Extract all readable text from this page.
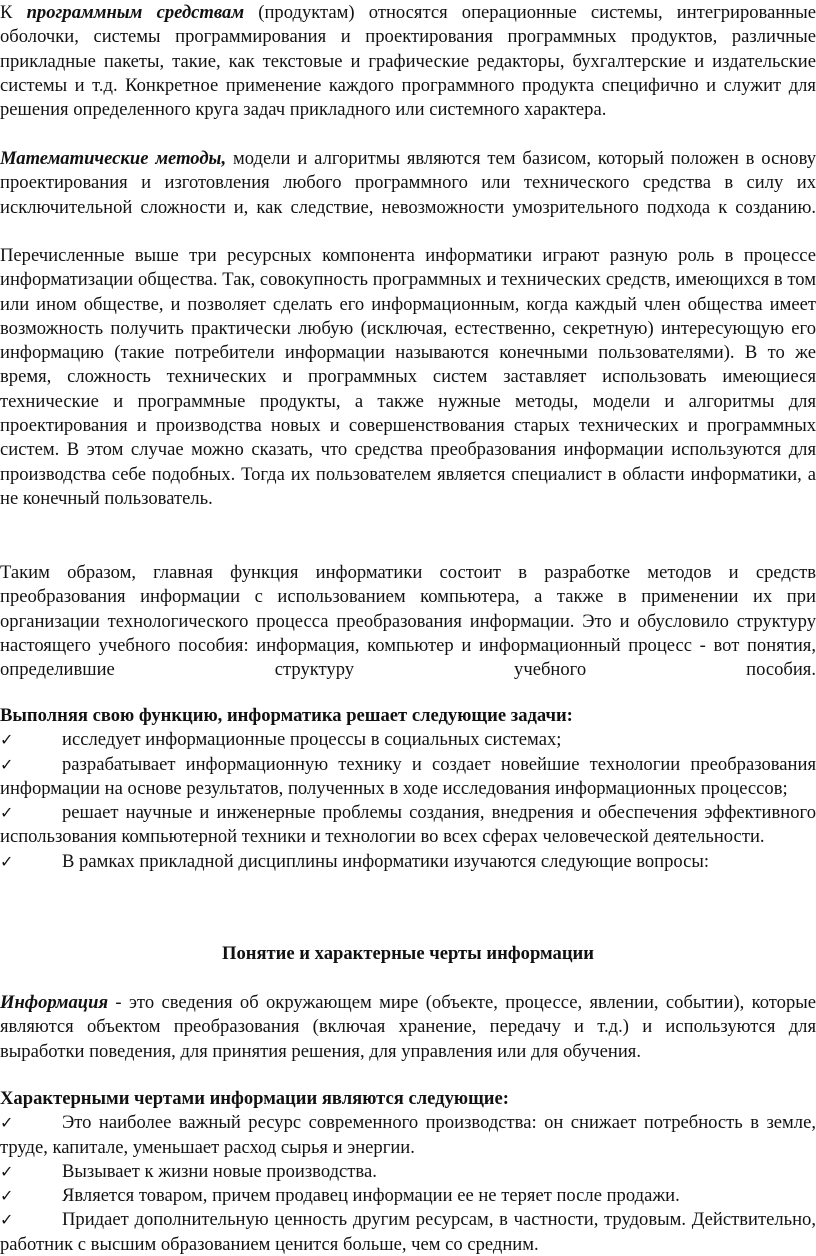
К программным средствам (продуктам) относятся операционные системы, интегрированные оболочки, системы программирования и проектирования программных продуктов, различные прикладные пакеты, такие, как текстовые и графические редакторы, бухгалтерские и издательские системы и т.д. Конкретное применение каждого программного продукта специфично и служит для решения определенного круга задач прикладного или системного характера.

Математические методы, модели и алгоритмы являются тем базисом, который положен в основу проектирования и изготовления любого программного или технического средства в силу их исключительной сложности и, как следствие, невозможности умозрительного подхода к созданию.

Перечисленные выше три ресурсных компонента информатики играют разную роль в процессе информатизации общества. Так, совокупность программных и технических средств, имеющихся в том или ином обществе, и позволяет сделать его информационным, когда каждый член общества имеет возможность получить практически любую (исключая, естественно, секретную) интересующую его информацию (такие потребители информации называются конечными пользователями). В то же время, сложность технических и программных систем заставляет использовать имеющиеся технические и программные продукты, а также нужные методы, модели и алгоритмы для проектирования и производства новых и совершенствования старых технических и программных систем. В этом случае можно сказать, что средства преобразования информации используются для производства себе подобных. Тогда их пользователем является специалист в области информатики, а не конечный пользователь.

Таким образом, главная функция информатики состоит в разработке методов и средств преобразования информации с использованием компьютера, а также в применении их при организации технологического процесса преобразования информации. Это и обусловило структуру настоящего учебного пособия: информация, компьютер и информационный процесс - вот понятия, определившие структуру учебного пособия.

Выполняя свою функцию, информатика решает следующие задачи:

✓	исследует информационные процессы в социальных системах;
✓	разрабатывает информационную технику и создает новейшие технологии преобразования информации на основе результатов, полученных в ходе исследования информационных процессов;
✓	решает научные и инженерные проблемы создания, внедрения и обеспечения эффективного использования компьютерной техники и технологии во всех сферах человеческой деятельности.
✓	В рамках прикладной дисциплины информатики изучаются следующие вопросы:

Понятие и характерные черты информации

Информация - это сведения об окружающем мире (объекте, процессе, явлении, событии), которые являются объектом преобразования (включая хранение, передачу и т.д.) и используются для выработки поведения, для принятия решения, для управления или для обучения.

Характерными чертами информации являются следующие:

✓	Это наиболее важный ресурс современного производства: он снижает потребность в земле, труде, капитале, уменьшает расход сырья и энергии.
✓	Вызывает к жизни новые производства.
✓	Является товаром, причем продавец информации ее не теряет после продажи.
✓	Придает дополнительную ценность другим ресурсам, в частности, трудовым. Действительно, работник с высшим образованием ценится больше, чем со средним.
